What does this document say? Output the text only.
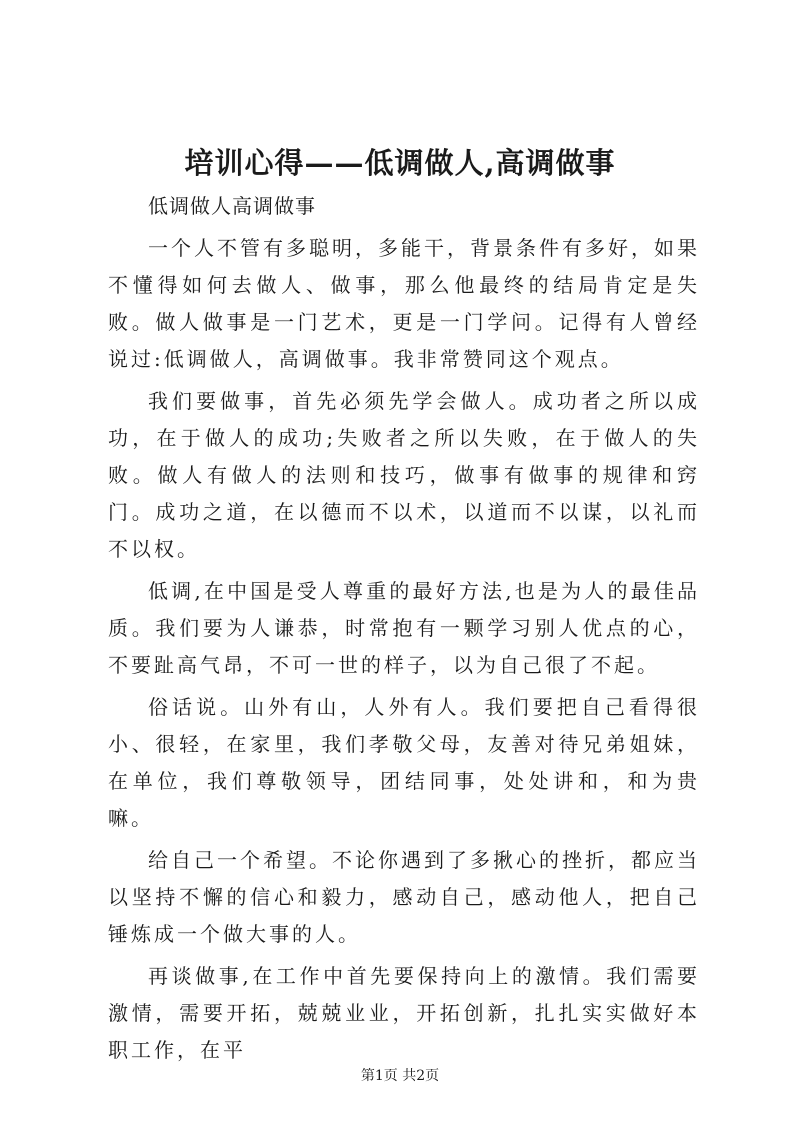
培训心得——低调做人,高调做事

低调做人高调做事

一个人不管有多聪明，多能干，背景条件有多好，如果不懂得如何去做人、做事，那么他最终的结局肯定是失败。做人做事是一门艺术，更是一门学问。记得有人曾经说过:低调做人，高调做事。我非常赞同这个观点。

我们要做事，首先必须先学会做人。成功者之所以成功，在于做人的成功;失败者之所以失败，在于做人的失败。做人有做人的法则和技巧，做事有做事的规律和窍门。成功之道，在以德而不以术，以道而不以谋，以礼而不以权。

低调,在中国是受人尊重的最好方法,也是为人的最佳品质。我们要为人谦恭，时常抱有一颗学习别人优点的心，不要趾高气昂，不可一世的样子，以为自己很了不起。

俗话说。山外有山，人外有人。我们要把自己看得很小、很轻，在家里，我们孝敬父母，友善对待兄弟姐妹，在单位，我们尊敬领导，团结同事，处处讲和，和为贵嘛。

给自己一个希望。不论你遇到了多揪心的挫折，都应当以坚持不懈的信心和毅力，感动自己，感动他人，把自己锤炼成一个做大事的人。

再谈做事,在工作中首先要保持向上的激情。我们需要激情，需要开拓，兢兢业业，开拓创新，扎扎实实做好本职工作，在平

第1页 共2页
